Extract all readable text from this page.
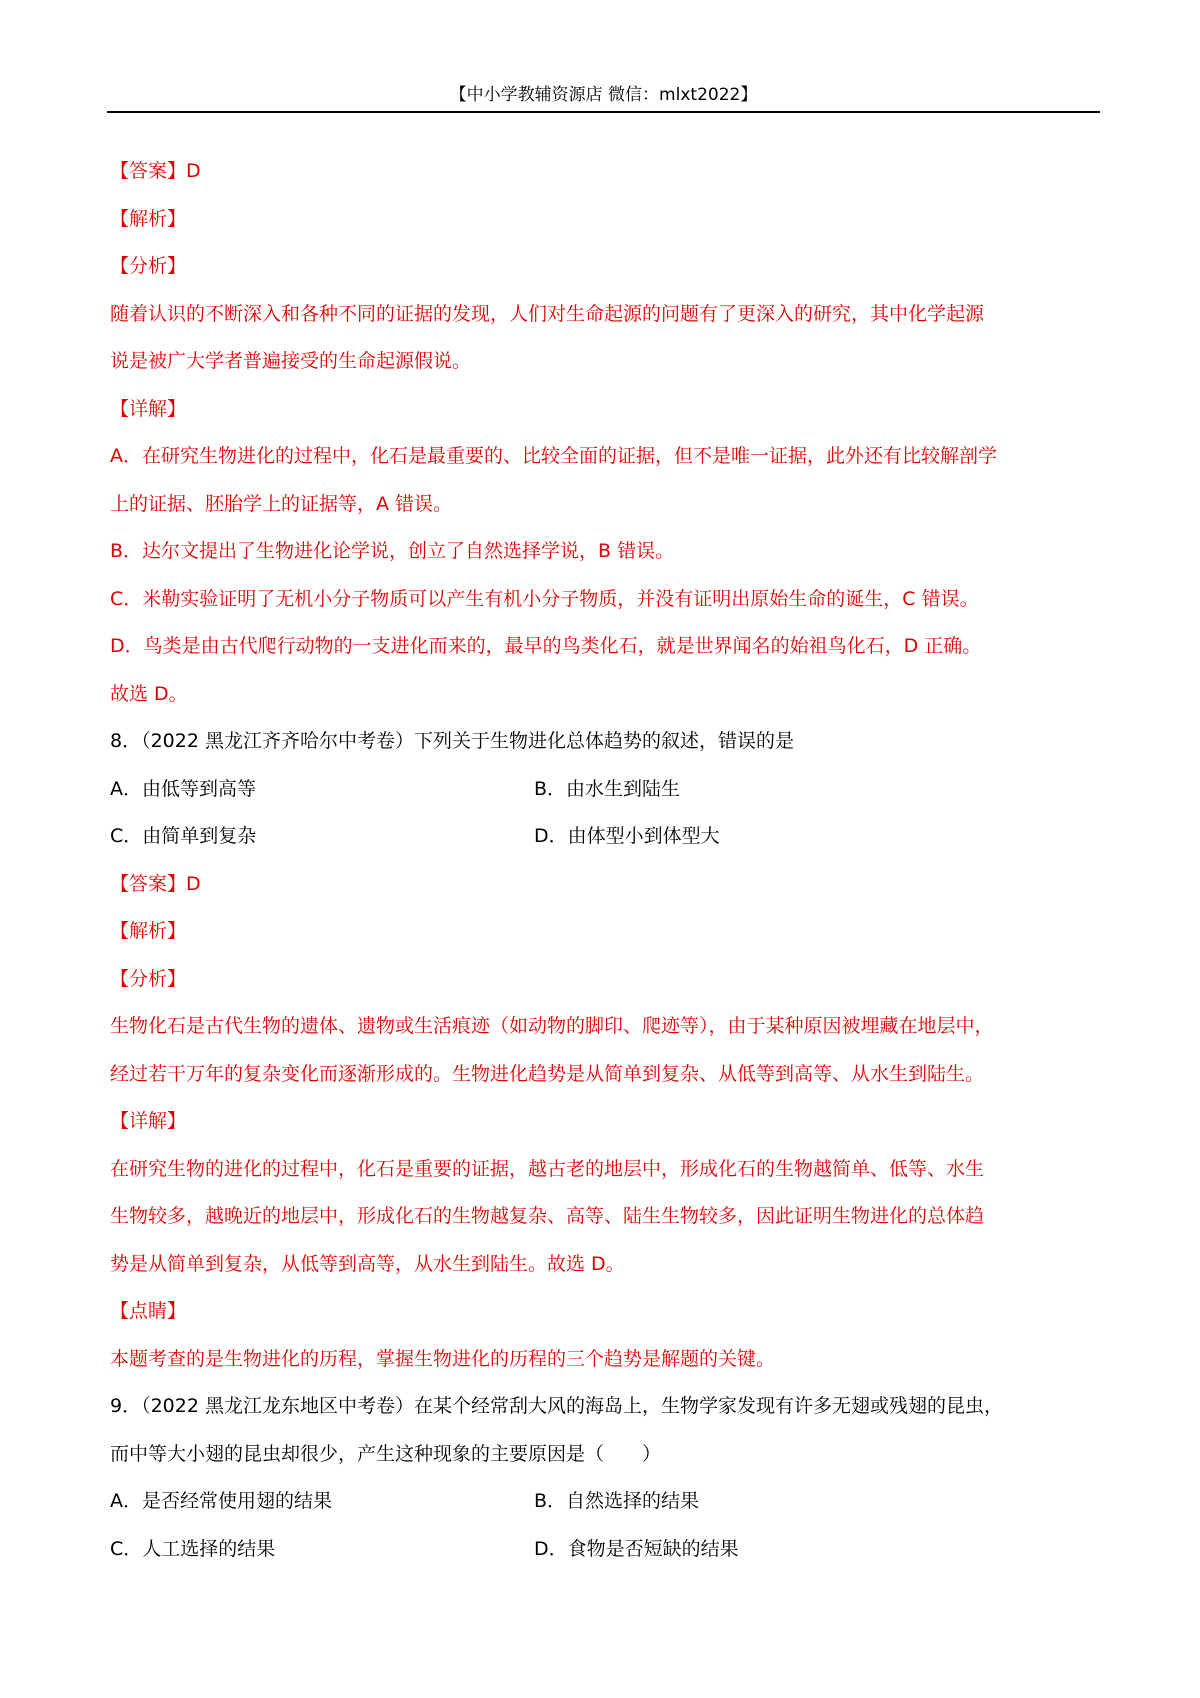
【中小学教辅资源店 微信：mlxt2022】
【答案】D
【解析】
【分析】
随着认识的不断深入和各种不同的证据的发现，人们对生命起源的问题有了更深入的研究，其中化学起源
说是被广大学者普遍接受的生命起源假说。
【详解】
A．在研究生物进化的过程中，化石是最重要的、比较全面的证据，但不是唯一证据，此外还有比较解剖学
上的证据、胚胎学上的证据等，A 错误。
B．达尔文提出了生物进化论学说，创立了自然选择学说，B 错误。
C．米勒实验证明了无机小分子物质可以产生有机小分子物质，并没有证明出原始生命的诞生，C 错误。
D．鸟类是由古代爬行动物的一支进化而来的，最早的鸟类化石，就是世界闻名的始祖鸟化石，D 正确。
故选 D。
8．（2022 黑龙江齐齐哈尔中考卷）下列关于生物进化总体趋势的叙述，错误的是
A．由低等到高等	B．由水生到陆生
C．由简单到复杂	D．由体型小到体型大
【答案】D
【解析】
【分析】
生物化石是古代生物的遗体、遗物或生活痕迹（如动物的脚印、爬迹等），由于某种原因被埋藏在地层中，
经过若干万年的复杂变化而逐渐形成的。生物进化趋势是从简单到复杂、从低等到高等、从水生到陆生。
【详解】
在研究生物的进化的过程中，化石是重要的证据，越古老的地层中，形成化石的生物越简单、低等、水生
生物较多，越晚近的地层中，形成化石的生物越复杂、高等、陆生生物较多，因此证明生物进化的总体趋
势是从简单到复杂，从低等到高等，从水生到陆生。故选 D。
【点睛】
本题考查的是生物进化的历程，掌握生物进化的历程的三个趋势是解题的关键。
9．（2022 黑龙江龙东地区中考卷）在某个经常刮大风的海岛上，生物学家发现有许多无翅或残翅的昆虫，
而中等大小翅的昆虫却很少，产生这种现象的主要原因是（　　）
A．是否经常使用翅的结果	B．自然选择的结果
C．人工选择的结果	D．食物是否短缺的结果
